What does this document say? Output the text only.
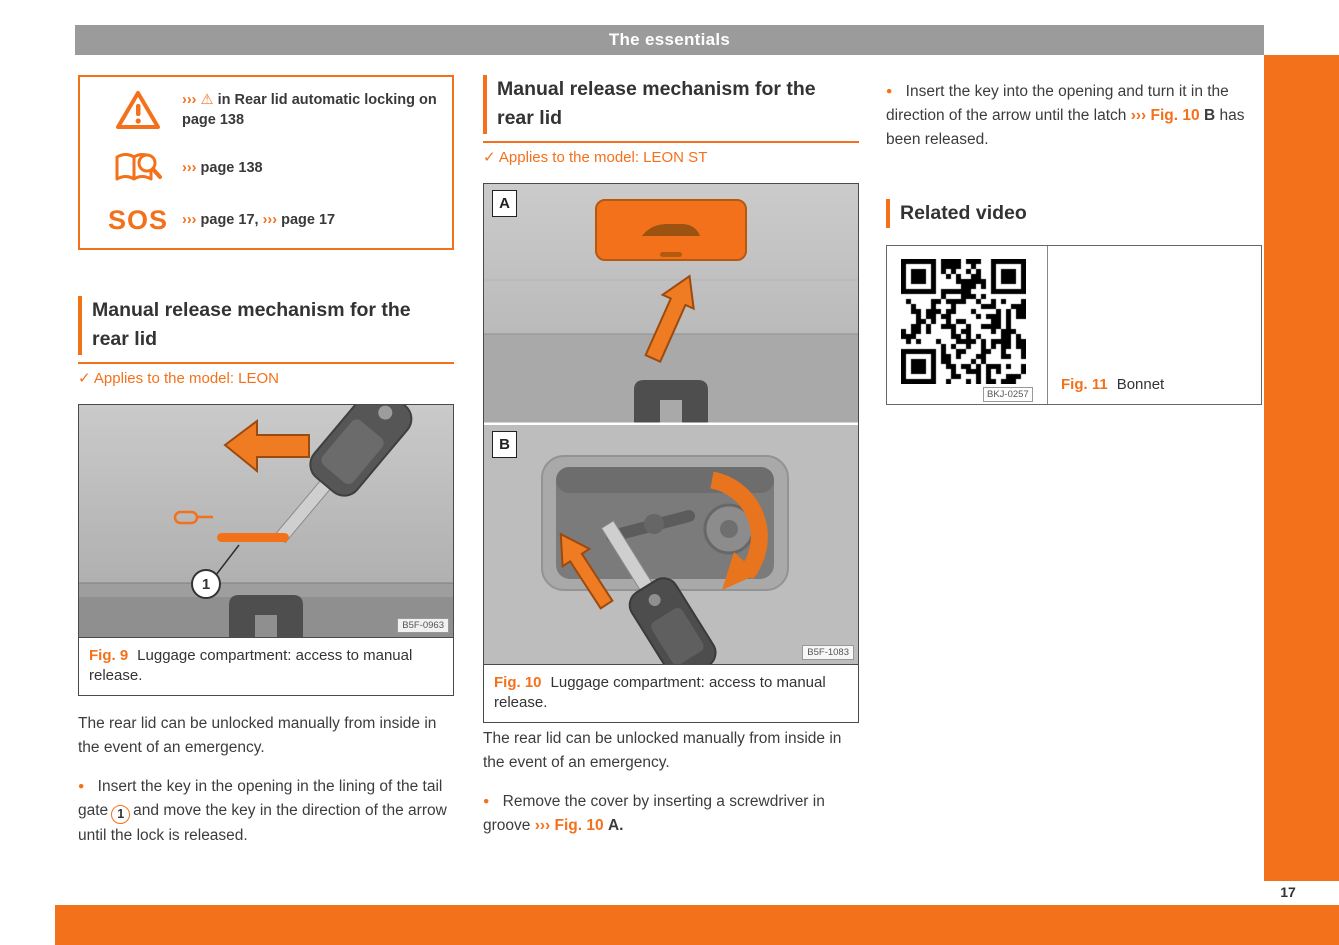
The essentials
17
››› ⚠ in Rear lid automatic locking on page 138
››› page 138
SOS ››› page 17, ››› page 17
Manual release mechanism for the rear lid
✓ Applies to the model: LEON
1
B5F-0963
Fig. 9 Luggage compartment: access to manual release.

The rear lid can be unlocked manually from inside in the event of an emergency.

● Insert the key in the opening in the lining of the tail gate 1 and move the key in the direction of the arrow until the lock is released.

Manual release mechanism for the rear lid
✓ Applies to the model: LEON ST
A
B
B5F-1083
Fig. 10 Luggage compartment: access to manual release.

The rear lid can be unlocked manually from inside in the event of an emergency.

● Remove the cover by inserting a screwdriver in groove ››› Fig. 10 A.

● Insert the key into the opening and turn it in the direction of the arrow until the latch ››› Fig. 10 B has been released.

Related video
BKJ-0257
Fig. 11 Bonnet
